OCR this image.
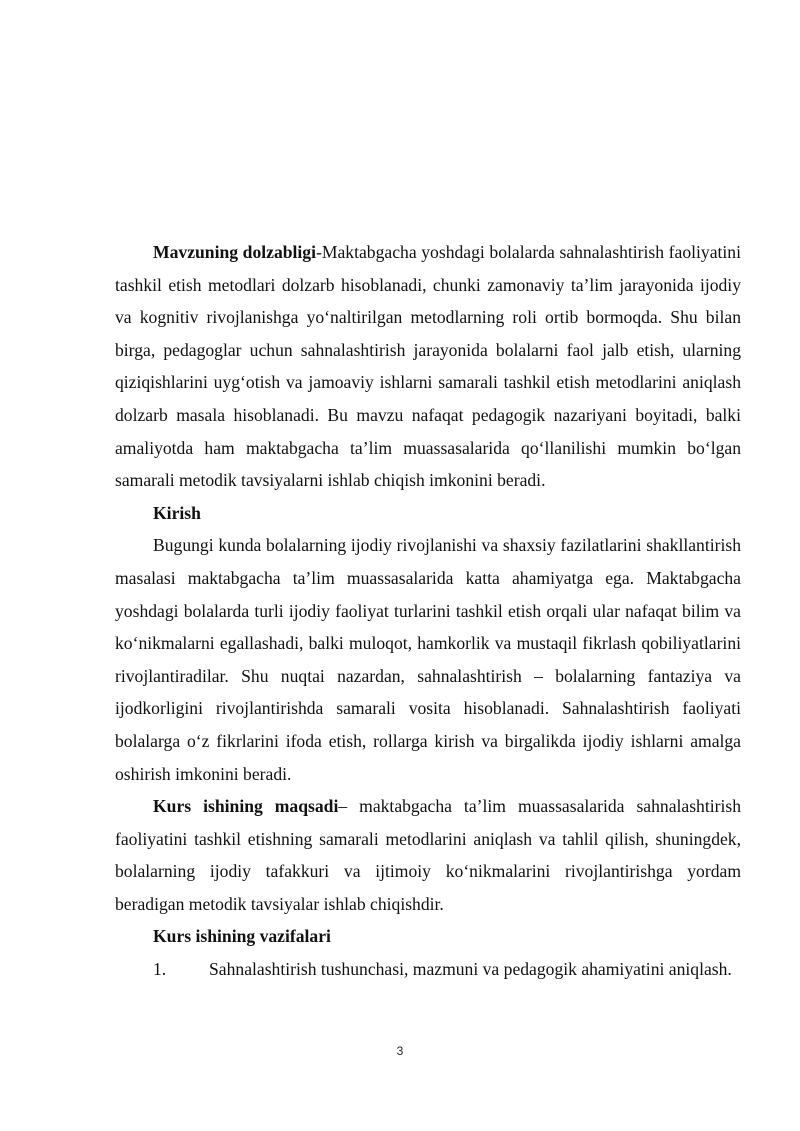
Mavzuning dolzabligi-Maktabgacha yoshdagi bolalarda sahnalashtirish faoliyatini tashkil etish metodlari dolzarb hisoblanadi, chunki zamonaviy ta’lim jarayonida ijodiy va kognitiv rivojlanishga yo‘naltirilgan metodlarning roli ortib bormoqda. Shu bilan birga, pedagoglar uchun sahnalashtirish jarayonida bolalarni faol jalb etish, ularning qiziqishlarini uyg‘otish va jamoaviy ishlarni samarali tashkil etish metodlarini aniqlash dolzarb masala hisoblanadi. Bu mavzu nafaqat pedagogik nazariyani boyitadi, balki amaliyotda ham maktabgacha ta’lim muassasalarida qo‘llanilishi mumkin bo‘lgan samarali metodik tavsiyalarni ishlab chiqish imkonini beradi.

Kirish

Bugungi kunda bolalarning ijodiy rivojlanishi va shaxsiy fazilatlarini shakllantirish masalasi maktabgacha ta’lim muassasalarida katta ahamiyatga ega. Maktabgacha yoshdagi bolalarda turli ijodiy faoliyat turlarini tashkil etish orqali ular nafaqat bilim va ko‘nikmalarni egallashadi, balki muloqot, hamkorlik va mustaqil fikrlash qobiliyatlarini rivojlantiradilar. Shu nuqtai nazardan, sahnalashtirish – bolalarning fantaziya va ijodkorligini rivojlantirishda samarali vosita hisoblanadi. Sahnalashtirish faoliyati bolalarga o‘z fikrlarini ifoda etish, rollarga kirish va birgalikda ijodiy ishlarni amalga oshirish imkonini beradi.

Kurs ishining maqsadi– maktabgacha ta’lim muassasalarida sahnalashtirish faoliyatini tashkil etishning samarali metodlarini aniqlash va tahlil qilish, shuningdek, bolalarning ijodiy tafakkuri va ijtimoiy ko‘nikmalarini rivojlantirishga yordam beradigan metodik tavsiyalar ishlab chiqishdir.

Kurs ishining vazifalari

1. Sahnalashtirish tushunchasi, mazmuni va pedagogik ahamiyatini aniqlash.

3
